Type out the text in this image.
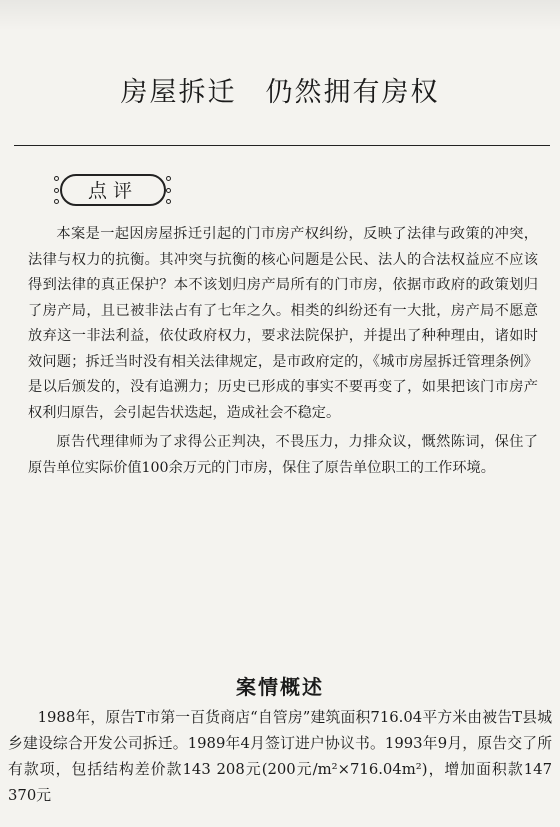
房屋拆迁　仍然拥有房权
点评

本案是一起因房屋拆迁引起的门市房产权纠纷，反映了法律与政策的冲突，法律与权力的抗衡。其冲突与抗衡的核心问题是公民、法人的合法权益应不应该得到法律的真正保护？本不该划归房产局所有的门市房，依据市政府的政策划归了房产局，且已被非法占有了七年之久。相类的纠纷还有一大批，房产局不愿意放弃这一非法利益，依仗政府权力，要求法院保护，并提出了种种理由，诸如时效问题；拆迁当时没有相关法律规定，是市政府定的，《城市房屋拆迁管理条例》是以后颁发的，没有追溯力；历史已形成的事实不要再变了，如果把该门市房产权利归原告，会引起告状迭起，造成社会不稳定。

原告代理律师为了求得公正判决，不畏压力，力排众议，慨然陈词，保住了原告单位实际价值100余万元的门市房，保住了原告单位职工的工作环境。

案情概述

1988年，原告T市第一百货商店“自管房”建筑面积716.04平方米由被告T县城乡建设综合开发公司拆迁。1989年4月签订进户协议书。1993年9月，原告交了所有款项，包括结构差价款143 208元(200元/m²×716.04m²)，增加面积款147 370元
